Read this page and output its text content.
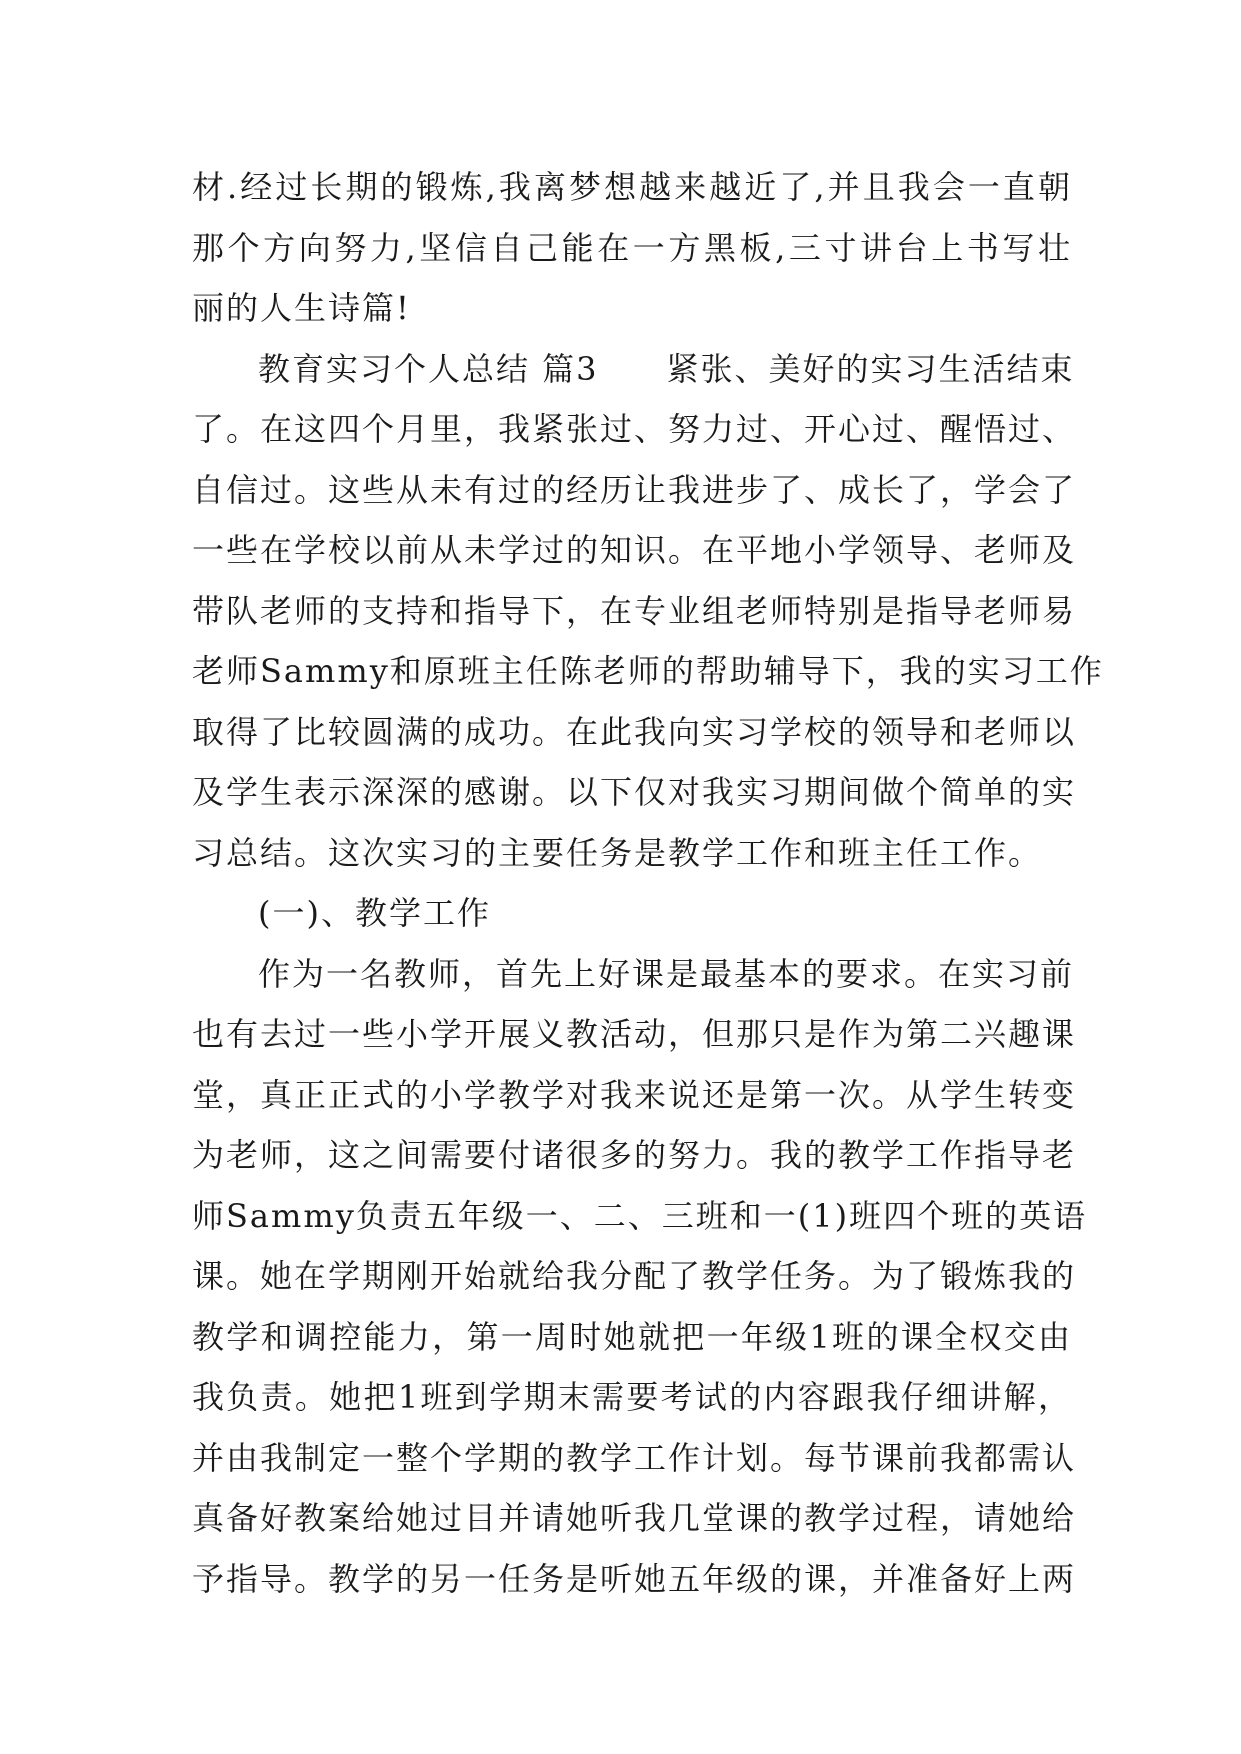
材.经过长期的锻炼,我离梦想越来越近了,并且我会一直朝
那个方向努力,坚信自己能在一方黑板,三寸讲台上书写壮
丽的人生诗篇!
教育实习个人总结 篇3　　紧张、美好的实习生活结束
了。在这四个月里，我紧张过、努力过、开心过、醒悟过、
自信过。这些从未有过的经历让我进步了、成长了，学会了
一些在学校以前从未学过的知识。在平地小学领导、老师及
带队老师的支持和指导下，在专业组老师特别是指导老师易
老师Sammy和原班主任陈老师的帮助辅导下，我的实习工作
取得了比较圆满的成功。在此我向实习学校的领导和老师以
及学生表示深深的感谢。以下仅对我实习期间做个简单的实
习总结。这次实习的主要任务是教学工作和班主任工作。
(一)、教学工作
作为一名教师，首先上好课是最基本的要求。在实习前
也有去过一些小学开展义教活动，但那只是作为第二兴趣课
堂，真正正式的小学教学对我来说还是第一次。从学生转变
为老师，这之间需要付诸很多的努力。我的教学工作指导老
师Sammy负责五年级一、二、三班和一(1)班四个班的英语
课。她在学期刚开始就给我分配了教学任务。为了锻炼我的
教学和调控能力，第一周时她就把一年级1班的课全权交由
我负责。她把1班到学期末需要考试的内容跟我仔细讲解，
并由我制定一整个学期的教学工作计划。每节课前我都需认
真备好教案给她过目并请她听我几堂课的教学过程，请她给
予指导。教学的另一任务是听她五年级的课，并准备好上两
